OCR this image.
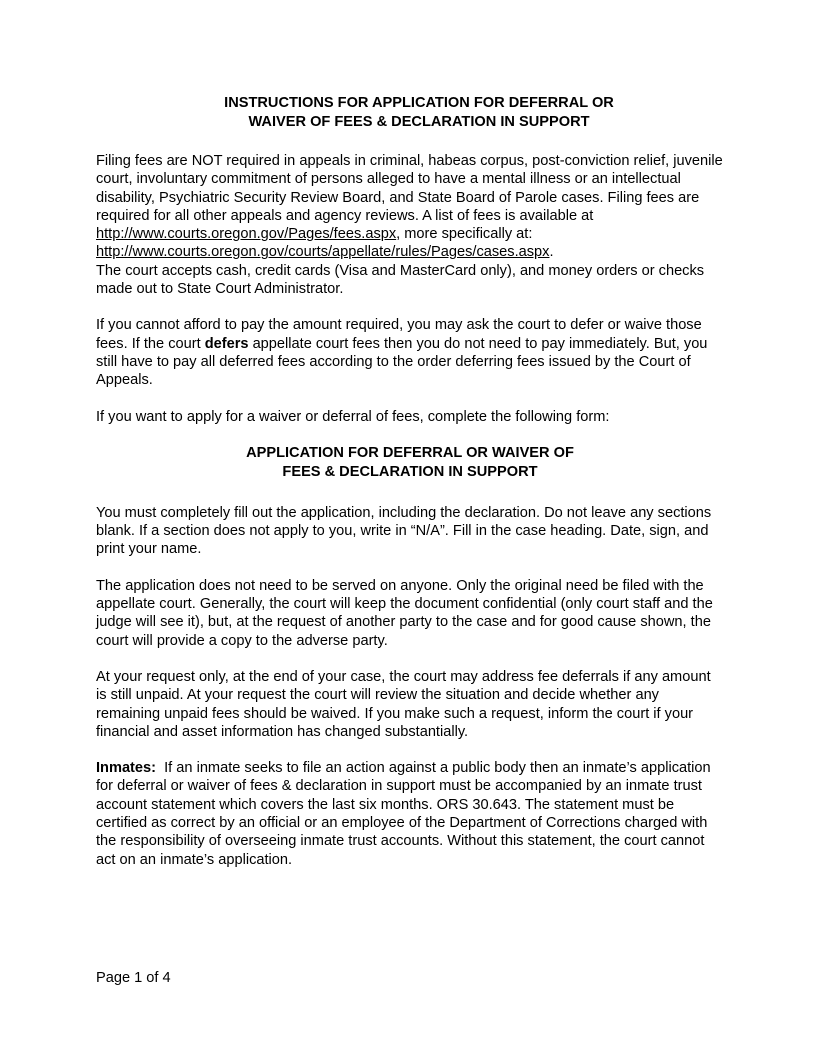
INSTRUCTIONS FOR APPLICATION FOR DEFERRAL OR
WAIVER OF FEES & DECLARATION IN SUPPORT

Filing fees are NOT required in appeals in criminal, habeas corpus, post-conviction relief, juvenile court, involuntary commitment of persons alleged to have a mental illness or an intellectual disability, Psychiatric Security Review Board, and State Board of Parole cases. Filing fees are required for all other appeals and agency reviews. A list of fees is available at http://www.courts.oregon.gov/Pages/fees.aspx, more specifically at: http://www.courts.oregon.gov/courts/appellate/rules/Pages/cases.aspx.

The court accepts cash, credit cards (Visa and MasterCard only), and money orders or checks made out to State Court Administrator.

If you cannot afford to pay the amount required, you may ask the court to defer or waive those fees. If the court defers appellate court fees then you do not need to pay immediately. But, you still have to pay all deferred fees according to the order deferring fees issued by the Court of Appeals.

If you want to apply for a waiver or deferral of fees, complete the following form:

APPLICATION FOR DEFERRAL OR WAIVER OF
FEES & DECLARATION IN SUPPORT

You must completely fill out the application, including the declaration. Do not leave any sections blank. If a section does not apply to you, write in “N/A”. Fill in the case heading. Date, sign, and print your name.

The application does not need to be served on anyone. Only the original need be filed with the appellate court. Generally, the court will keep the document confidential (only court staff and the judge will see it), but, at the request of another party to the case and for good cause shown, the court will provide a copy to the adverse party.

At your request only, at the end of your case, the court may address fee deferrals if any amount is still unpaid. At your request the court will review the situation and decide whether any remaining unpaid fees should be waived. If you make such a request, inform the court if your financial and asset information has changed substantially.

Inmates:  If an inmate seeks to file an action against a public body then an inmate’s application for deferral or waiver of fees & declaration in support must be accompanied by an inmate trust account statement which covers the last six months. ORS 30.643. The statement must be certified as correct by an official or an employee of the Department of Corrections charged with the responsibility of overseeing inmate trust accounts. Without this statement, the court cannot act on an inmate’s application.

Page 1 of 4
